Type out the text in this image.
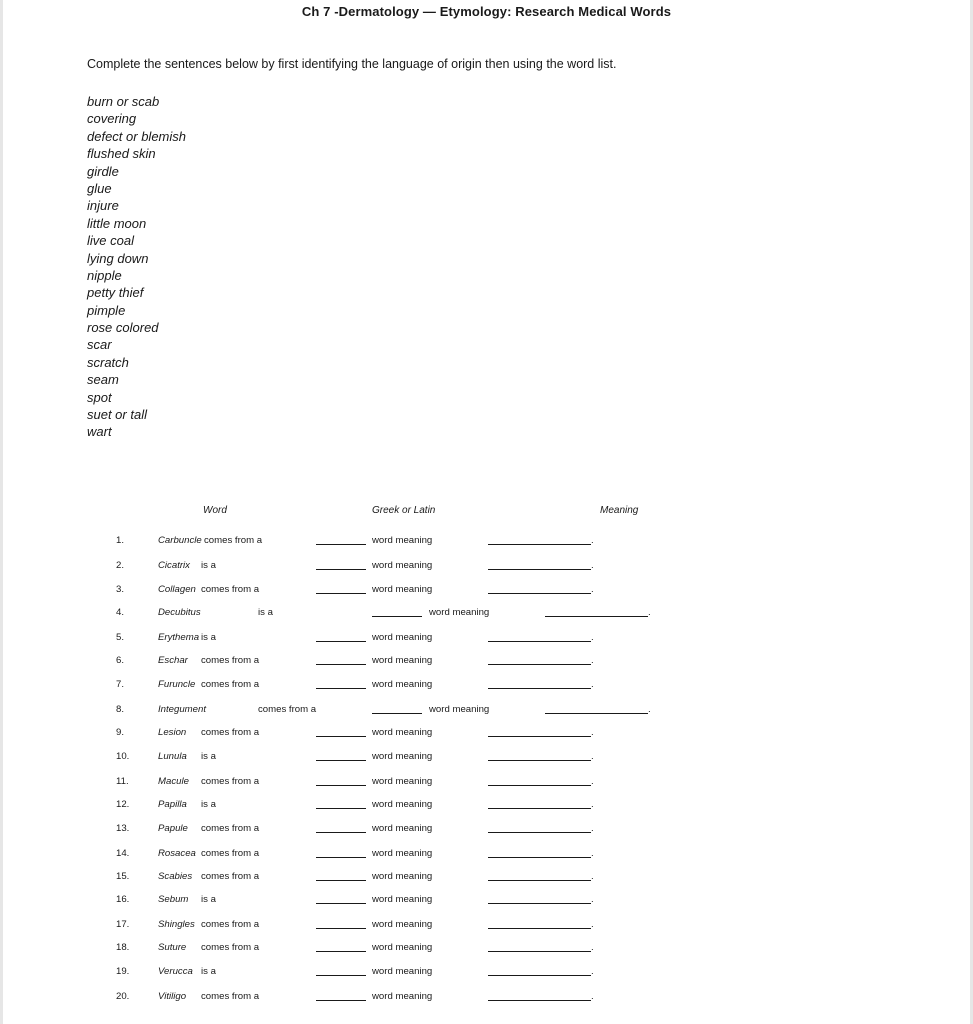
Ch 7 -Dermatology — Etymology: Research Medical Words
Complete the sentences below by first identifying the language of origin then using the word list.
burn or scab
covering
defect or blemish
flushed skin
girdle
glue
injure
little moon
live coal
lying down
nipple
petty thief
pimple
rose colored
scar
scratch
seam
spot
suet or tall
wart
Word	Greek or Latin	Meaning
1.	Carbuncle comes from a	word meaning	.
2.	Cicatrix is a	word meaning	.
3.	Collagen comes from a	word meaning	.
4.	Decubitus	is a	word meaning	.
5.	Erythema is a	word meaning	.
6.	Eschar comes from a	word meaning	.
7.	Furuncle comes from a	word meaning	.
8.	Integument	comes from a	word meaning	.
9.	Lesion comes from a	word meaning	.
10.	Lunula is a	word meaning	.
11.	Macule comes from a	word meaning	.
12.	Papilla is a	word meaning	.
13.	Papule comes from a	word meaning	.
14.	Rosacea comes from a	word meaning	.
15.	Scabies comes from a	word meaning	.
16.	Sebum is a	word meaning	.
17.	Shingles comes from a	word meaning	.
18.	Suture comes from a	word meaning	.
19.	Verucca is a	word meaning	.
20.	Vitiligo comes from a	word meaning	.
